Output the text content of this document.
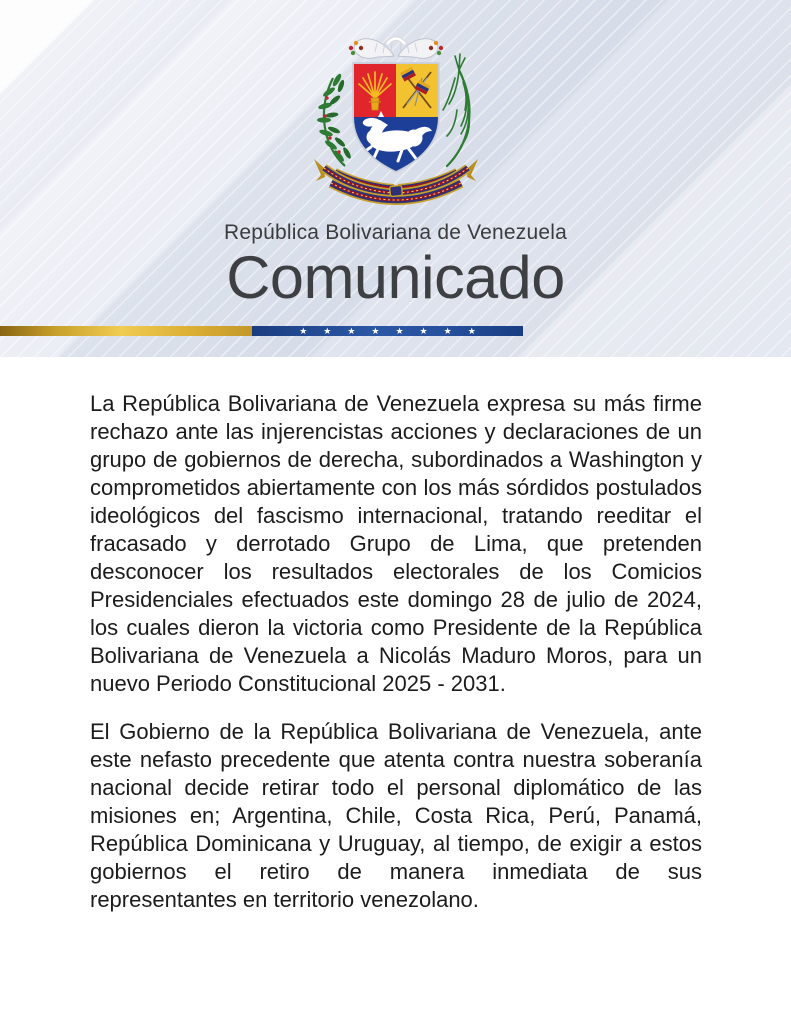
República Bolivariana de Venezuela
Comunicado
★★★★★★★★

La República Bolivariana de Venezuela expresa su más firme rechazo ante las injerencistas acciones y declaraciones de un grupo de gobiernos de derecha, subordinados a Washington y comprometidos abiertamente con los más sórdidos postulados ideológicos del fascismo internacional, tratando reeditar el fracasado y derrotado Grupo de Lima, que pretenden desconocer los resultados electorales de los Comicios Presidenciales efectuados este domingo 28 de julio de 2024, los cuales dieron la victoria como Presidente de la República Bolivariana de Venezuela a Nicolás Maduro Moros, para un nuevo Periodo Constitucional 2025 - 2031.

El Gobierno de la República Bolivariana de Venezuela, ante este nefasto precedente que atenta contra nuestra soberanía nacional decide retirar todo el personal diplomático de las misiones en; Argentina, Chile, Costa Rica, Perú, Panamá, República Dominicana y Uruguay, al tiempo, de exigir a estos gobiernos el retiro de manera inmediata de sus representantes en territorio venezolano.
